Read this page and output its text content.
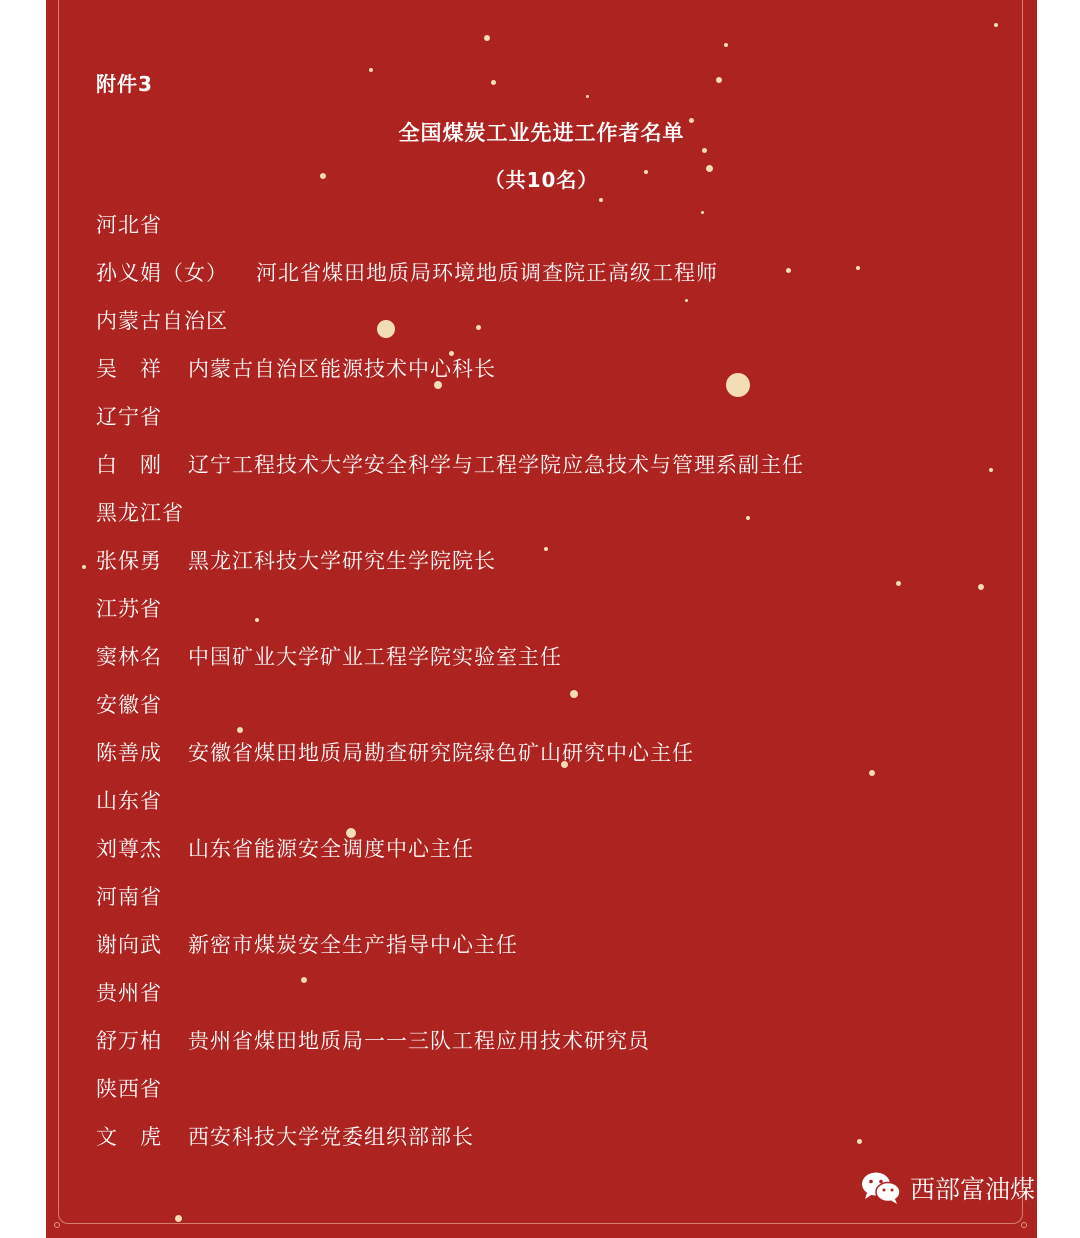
附件3
全国煤炭工业先进工作者名单
（共10名）
河北省
孙义娟（女） 河北省煤田地质局环境地质调查院正高级工程师
内蒙古自治区
吴　祥 内蒙古自治区能源技术中心科长
辽宁省
白　刚 辽宁工程技术大学安全科学与工程学院应急技术与管理系副主任
黑龙江省
张保勇 黑龙江科技大学研究生学院院长
江苏省
窦林名 中国矿业大学矿业工程学院实验室主任
安徽省
陈善成 安徽省煤田地质局勘查研究院绿色矿山研究中心主任
山东省
刘尊杰 山东省能源安全调度中心主任
河南省
谢向武 新密市煤炭安全生产指导中心主任
贵州省
舒万柏 贵州省煤田地质局一一三队工程应用技术研究员
陕西省
文　虎 西安科技大学党委组织部部长
西部富油煤
